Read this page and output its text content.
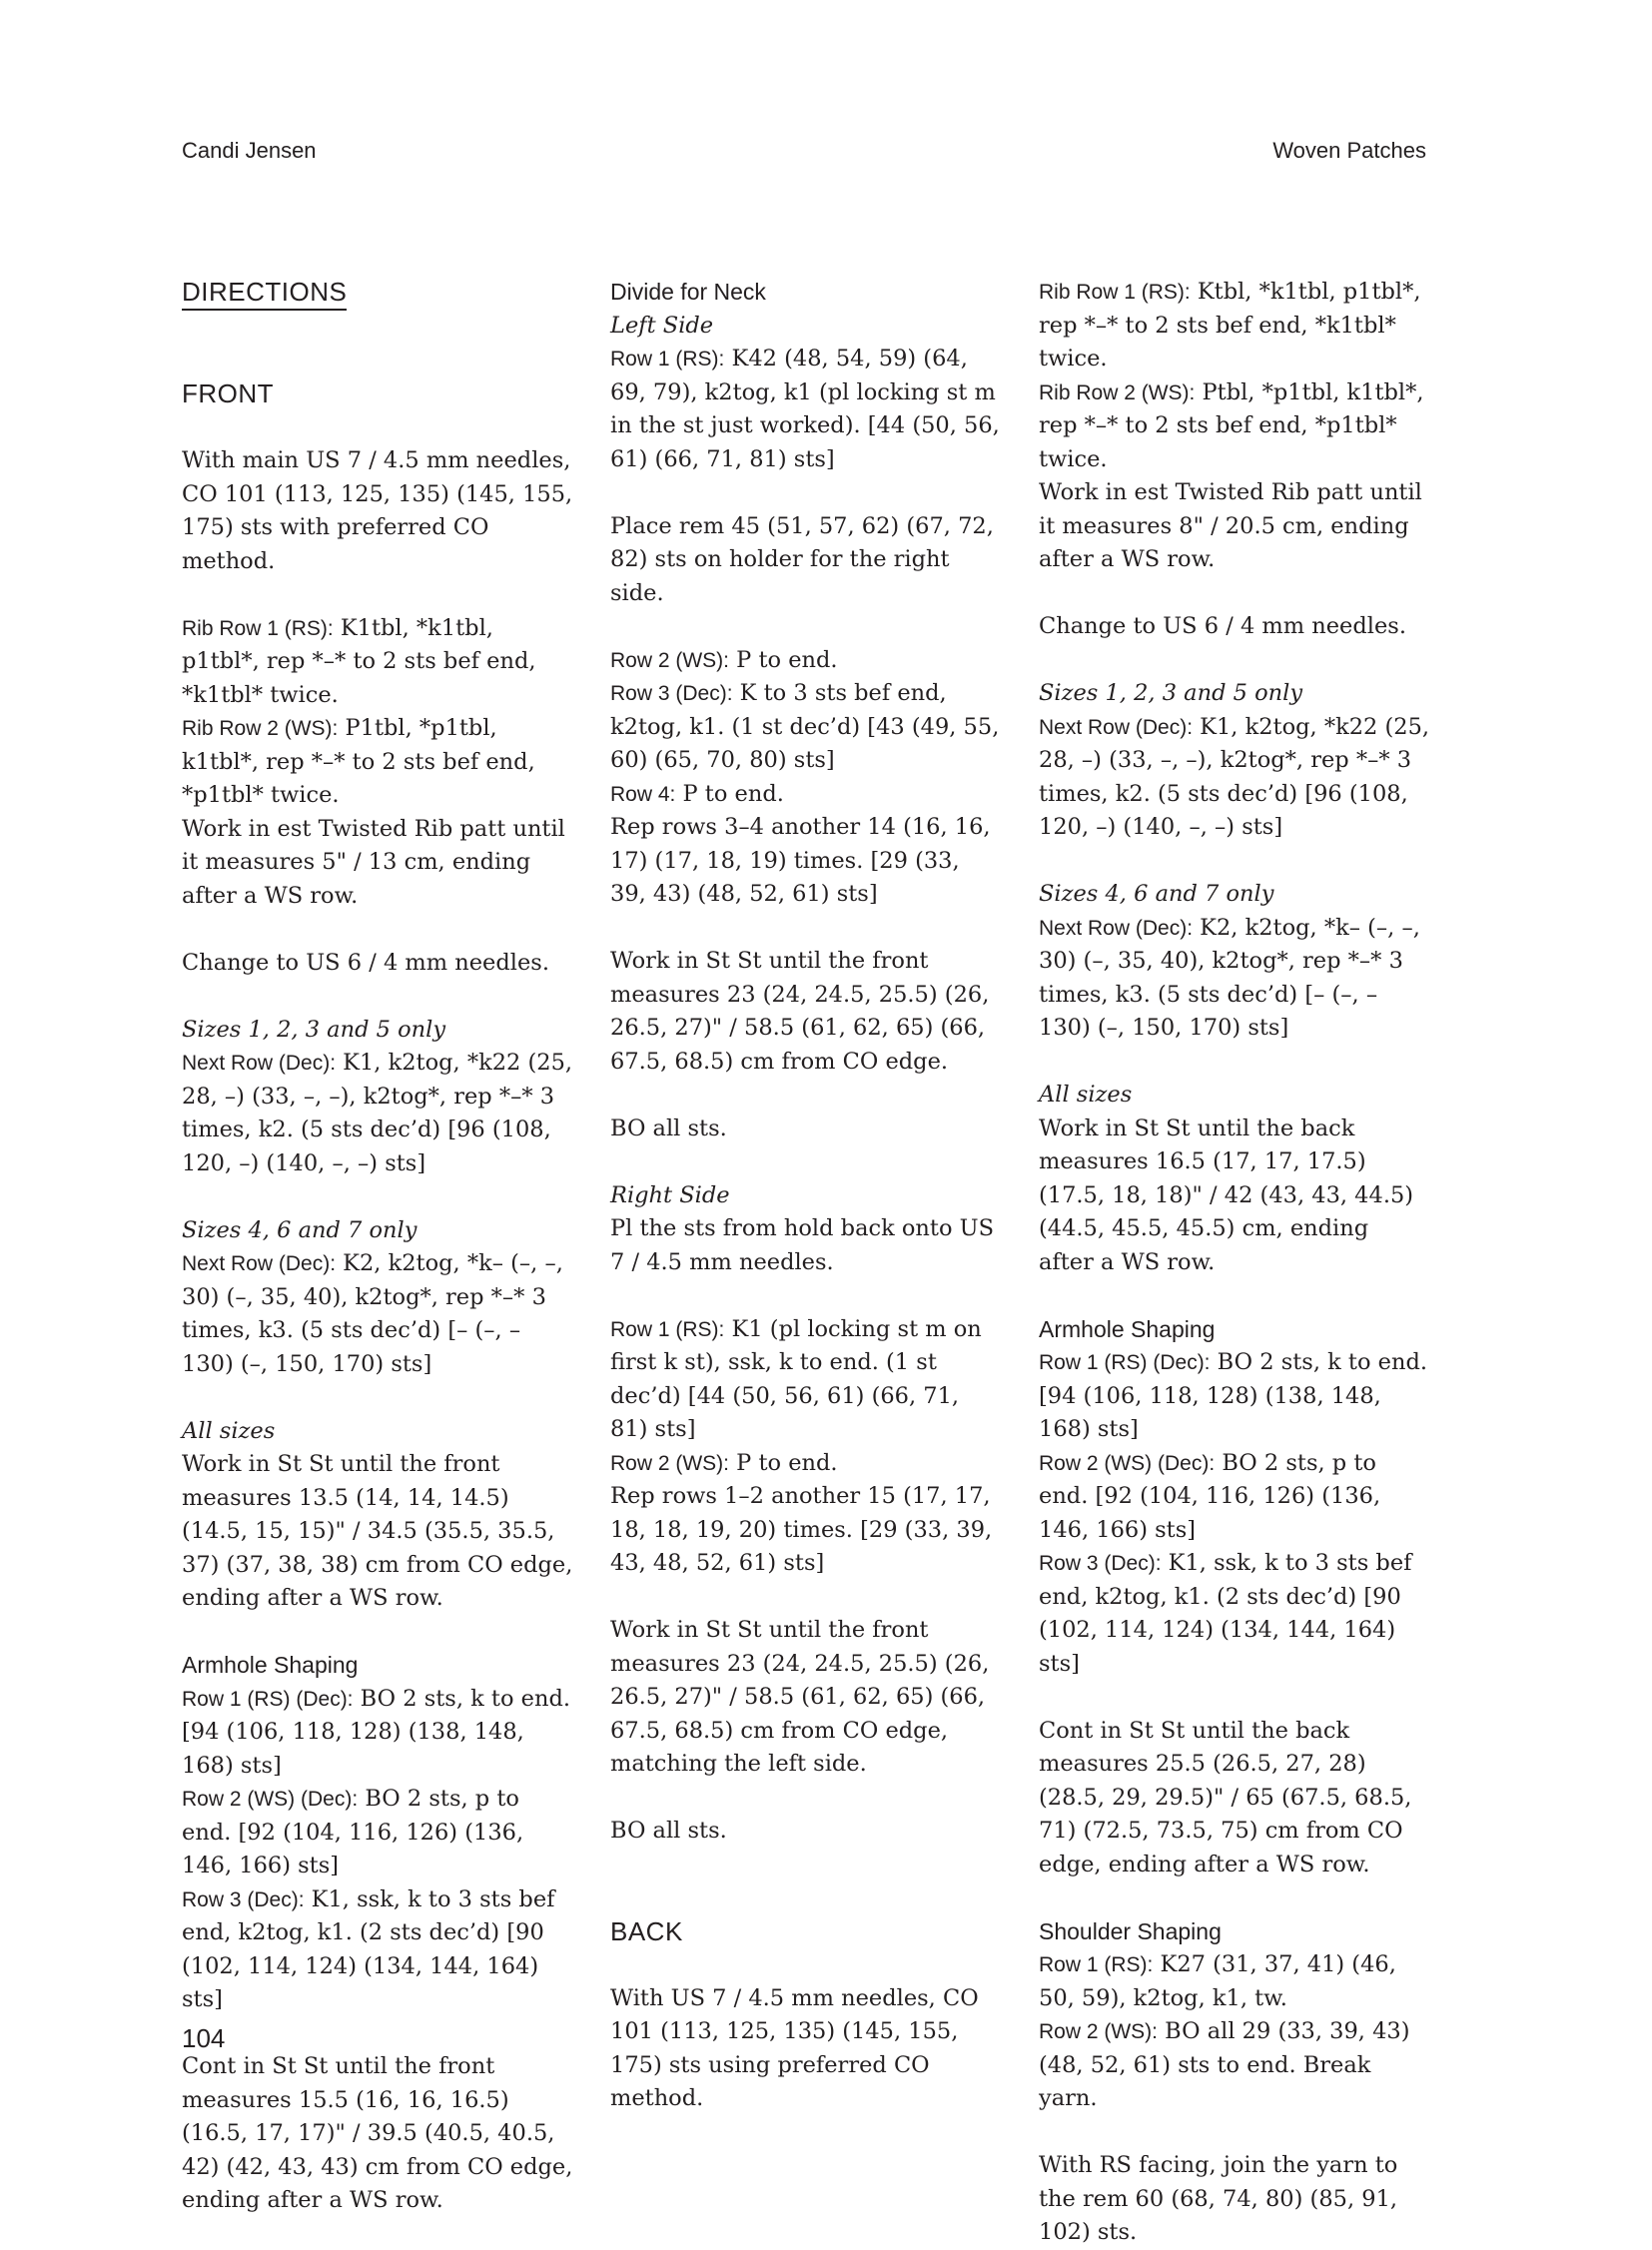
Candi Jensen	Woven Patches
DIRECTIONS
FRONT

With main US 7 / 4.5 mm needles, CO 101 (113, 125, 135) (145, 155, 175) sts with preferred CO method.

Rib Row 1 (RS): K1tbl, *k1tbl, p1tbl*, rep *–* to 2 sts bef end, *k1tbl* twice.

Rib Row 2 (WS): P1tbl, *p1tbl, k1tbl*, rep *–* to 2 sts bef end, *p1tbl* twice.

Work in est Twisted Rib patt until it measures 5" / 13 cm, ending after a WS row.

Change to US 6 / 4 mm needles.

Sizes 1, 2, 3 and 5 only

Next Row (Dec): K1, k2tog, *k22 (25, 28, –) (33, –, –), k2tog*, rep *–* 3 times, k2. (5 sts dec’d) [96 (108, 120, –) (140, –, –) sts]

Sizes 4, 6 and 7 only

Next Row (Dec): K2, k2tog, *k– (–, –, 30) (–, 35, 40), k2tog*, rep *–* 3 times, k3. (5 sts dec’d) [– (–, – 130) (–, 150, 170) sts]

All sizes

Work in St St until the front measures 13.5 (14, 14, 14.5) (14.5, 15, 15)" / 34.5 (35.5, 35.5, 37) (37, 38, 38) cm from CO edge, ending after a WS row.

Armhole Shaping

Row 1 (RS) (Dec): BO 2 sts, k to end. [94 (106, 118, 128) (138, 148, 168) sts]

Row 2 (WS) (Dec): BO 2 sts, p to end. [92 (104, 116, 126) (136, 146, 166) sts]

Row 3 (Dec): K1, ssk, k to 3 sts bef end, k2tog, k1. (2 sts dec’d) [90 (102, 114, 124) (134, 144, 164) sts]

Cont in St St until the front measures 15.5 (16, 16, 16.5) (16.5, 17, 17)" / 39.5 (40.5, 40.5, 42) (42, 43, 43) cm from CO edge, ending after a WS row.

Divide for Neck
Left Side

Row 1 (RS): K42 (48, 54, 59) (64, 69, 79), k2tog, k1 (pl locking st m in the st just worked). [44 (50, 56, 61) (66, 71, 81) sts]

Place rem 45 (51, 57, 62) (67, 72, 82) sts on holder for the right side.

Row 2 (WS): P to end.

Row 3 (Dec): K to 3 sts bef end, k2tog, k1. (1 st dec’d) [43 (49, 55, 60) (65, 70, 80) sts]

Row 4: P to end.

Rep rows 3–4 another 14 (16, 16, 17) (17, 18, 19) times. [29 (33, 39, 43) (48, 52, 61) sts]

Work in St St until the front measures 23 (24, 24.5, 25.5) (26, 26.5, 27)" / 58.5 (61, 62, 65) (66, 67.5, 68.5) cm from CO edge.

BO all sts.

Right Side

Pl the sts from hold back onto US 7 / 4.5 mm needles.

Row 1 (RS): K1 (pl locking st m on first k st), ssk, k to end. (1 st dec’d) [44 (50, 56, 61) (66, 71, 81) sts]

Row 2 (WS): P to end.

Rep rows 1–2 another 15 (17, 17, 18, 18, 19, 20) times. [29 (33, 39, 43, 48, 52, 61) sts]

Work in St St until the front measures 23 (24, 24.5, 25.5) (26, 26.5, 27)" / 58.5 (61, 62, 65) (66, 67.5, 68.5) cm from CO edge, matching the left side.

BO all sts.

BACK

With US 7 / 4.5 mm needles, CO 101 (113, 125, 135) (145, 155, 175) sts using preferred CO method.

Rib Row 1 (RS): Ktbl, *k1tbl, p1tbl*, rep *–* to 2 sts bef end, *k1tbl* twice.

Rib Row 2 (WS): Ptbl, *p1tbl, k1tbl*, rep *–* to 2 sts bef end, *p1tbl* twice.

Work in est Twisted Rib patt until it measures 8" / 20.5 cm, ending after a WS row.

Change to US 6 / 4 mm needles.

Sizes 1, 2, 3 and 5 only

Next Row (Dec): K1, k2tog, *k22 (25, 28, –) (33, –, –), k2tog*, rep *–* 3 times, k2. (5 sts dec’d) [96 (108, 120, –) (140, –, –) sts]

Sizes 4, 6 and 7 only

Next Row (Dec): K2, k2tog, *k– (–, –, 30) (–, 35, 40), k2tog*, rep *–* 3 times, k3. (5 sts dec’d) [– (–, – 130) (–, 150, 170) sts]

All sizes

Work in St St until the back measures 16.5 (17, 17, 17.5) (17.5, 18, 18)" / 42 (43, 43, 44.5) (44.5, 45.5, 45.5) cm, ending after a WS row.

Armhole Shaping

Row 1 (RS) (Dec): BO 2 sts, k to end. [94 (106, 118, 128) (138, 148, 168) sts]

Row 2 (WS) (Dec): BO 2 sts, p to end. [92 (104, 116, 126) (136, 146, 166) sts]

Row 3 (Dec): K1, ssk, k to 3 sts bef end, k2tog, k1. (2 sts dec’d) [90 (102, 114, 124) (134, 144, 164) sts]

Cont in St St until the back measures 25.5 (26.5, 27, 28) (28.5, 29, 29.5)" / 65 (67.5, 68.5, 71) (72.5, 73.5, 75) cm from CO edge, ending after a WS row.

Shoulder Shaping

Row 1 (RS): K27 (31, 37, 41) (46, 50, 59), k2tog, k1, tw.

Row 2 (WS): BO all 29 (33, 39, 43) (48, 52, 61) sts to end. Break yarn.

With RS facing, join the yarn to the rem 60 (68, 74, 80) (85, 91, 102) sts.

104
